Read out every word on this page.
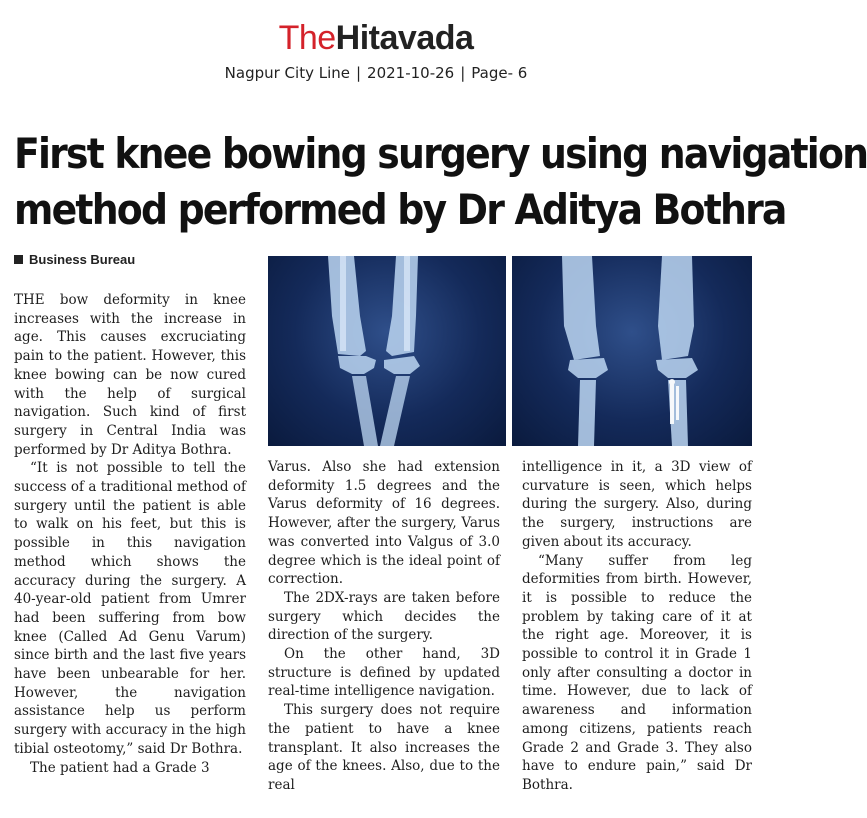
TheHitavada
Nagpur City Line | 2021-10-26 | Page- 6
First knee bowing surgery using navigation
method performed by Dr Aditya Bothra
Business Bureau

THE bow deformity in knee increases with the increase in age. This causes excruciating pain to the patient. However, this knee bowing can be now cured with the help of surgical navigation. Such kind of first surgery in Central India was performed by Dr Aditya Bothra.

“It is not possible to tell the success of a traditional method of surgery until the patient is able to walk on his feet, but this is possible in this navigation method which shows the accuracy during the surgery. A 40-year-old patient from Umrer had been suffering from bow knee (Called Ad Genu Varum) since birth and the last five years have been unbearable for her. However, the navigation assistance help us perform surgery with accuracy in the high tibial osteotomy,” said Dr Bothra.

The patient had a Grade 3

Varus. Also she had extension deformity 1.5 degrees and the Varus deformity of 16 degrees. However, after the surgery, Varus was converted into Valgus of 3.0 degree which is the ideal point of correction.

The 2DX-rays are taken before surgery which decides the direction of the surgery.

On the other hand, 3D structure is defined by updated real-time intelligence navigation.

This surgery does not require the patient to have a knee transplant. It also increases the age of the knees. Also, due to the real

intelligence in it, a 3D view of curvature is seen, which helps during the surgery. Also, during the surgery, instructions are given about its accuracy.

“Many suffer from leg deformities from birth. However, it is possible to reduce the problem by taking care of it at the right age. Moreover, it is possible to control it in Grade 1 only after consulting a doctor in time. However, due to lack of awareness and information among citizens, patients reach Grade 2 and Grade 3. They also have to endure pain,” said Dr Bothra.
